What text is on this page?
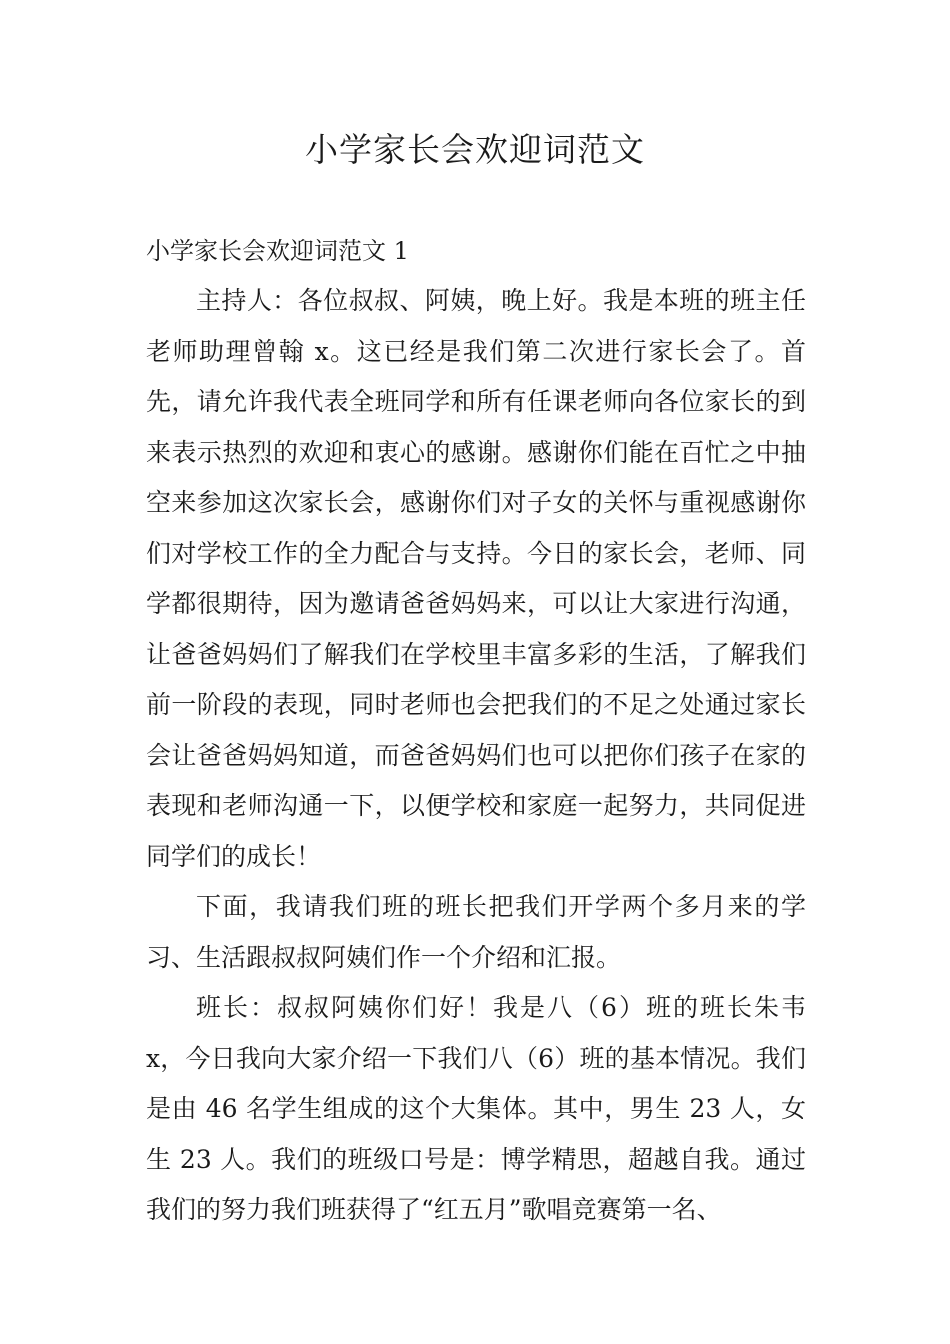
小学家长会欢迎词范文
小学家长会欢迎词范文 1

主持人：各位叔叔、阿姨，晚上好。我是本班的班主任老师助理曾翰 x。这已经是我们第二次进行家长会了。首先，请允许我代表全班同学和所有任课老师向各位家长的到来表示热烈的欢迎和衷心的感谢。感谢你们能在百忙之中抽空来参加这次家长会，感谢你们对子女的关怀与重视感谢你们对学校工作的全力配合与支持。今日的家长会，老师、同学都很期待，因为邀请爸爸妈妈来，可以让大家进行沟通，让爸爸妈妈们了解我们在学校里丰富多彩的生活，了解我们前一阶段的表现，同时老师也会把我们的不足之处通过家长会让爸爸妈妈知道，而爸爸妈妈们也可以把你们孩子在家的表现和老师沟通一下，以便学校和家庭一起努力，共同促进同学们的成长！

下面，我请我们班的班长把我们开学两个多月来的学习、生活跟叔叔阿姨们作一个介绍和汇报。

班长：叔叔阿姨你们好！我是八（6）班的班长朱韦 x，今日我向大家介绍一下我们八（6）班的基本情况。我们是由 46 名学生组成的这个大集体。其中，男生 23 人，女生 23 人。我们的班级口号是：博学精思，超越自我。通过我们的努力我们班获得了“红五月”歌唱竞赛第一名、
